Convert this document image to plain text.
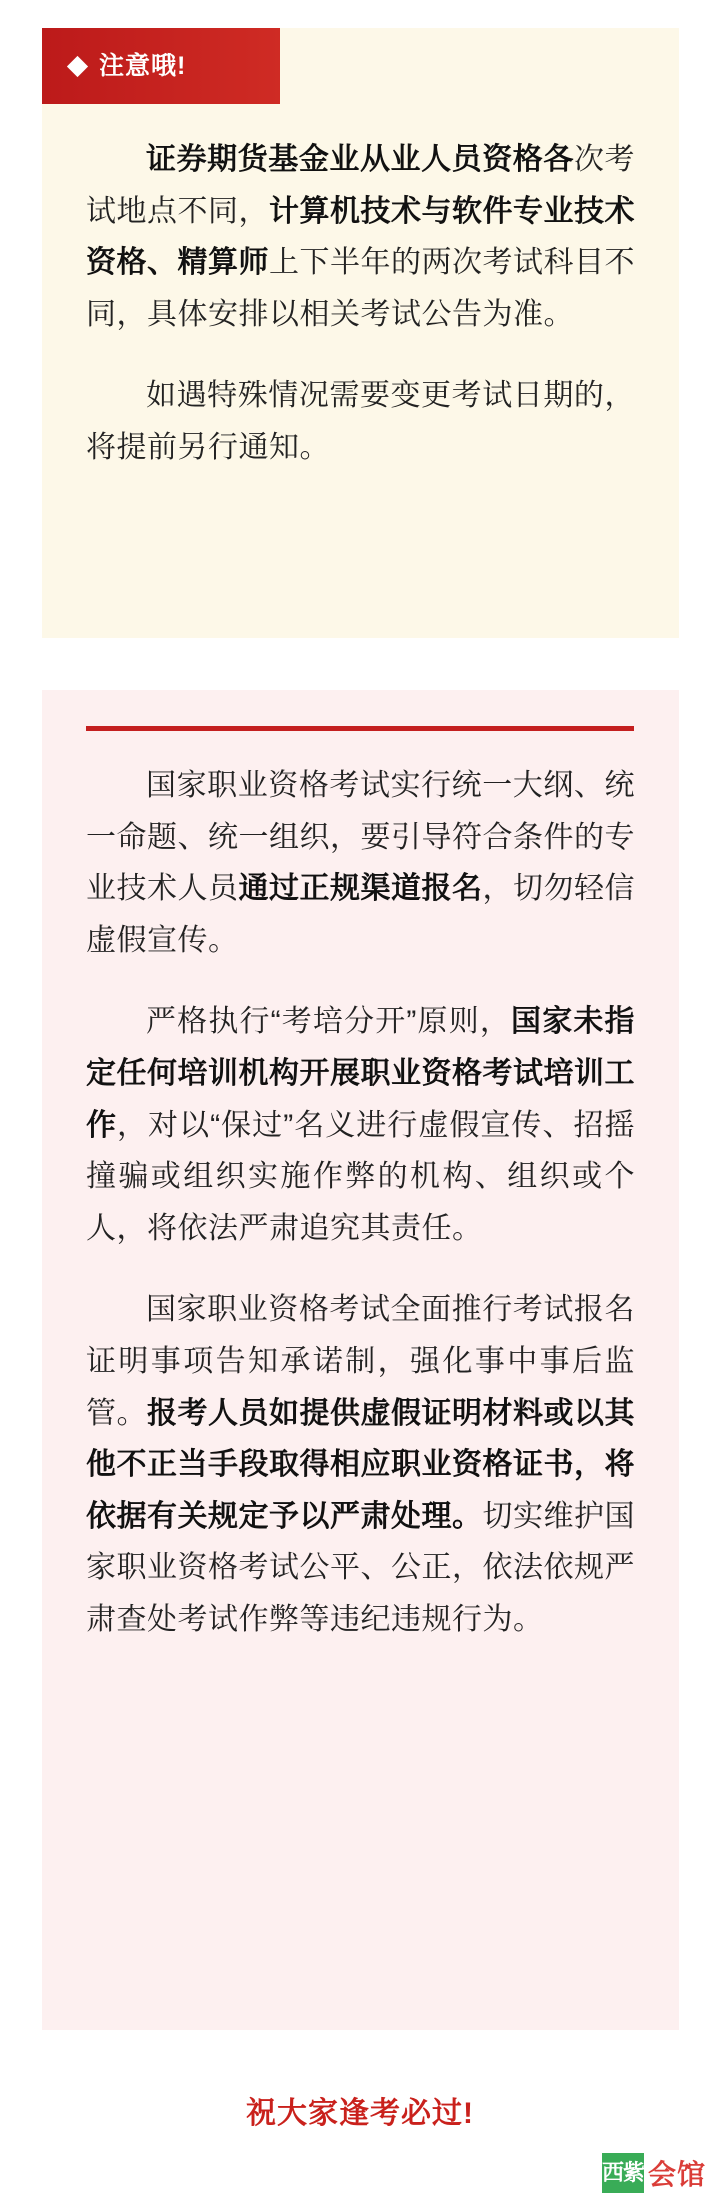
注意哦!

证券期货基金业从业人员资格各次考试地点不同，计算机技术与软件专业技术资格、精算师上下半年的两次考试科目不同，具体安排以相关考试公告为准。

如遇特殊情况需要变更考试日期的，将提前另行通知。

国家职业资格考试实行统一大纲、统一命题、统一组织，要引导符合条件的专业技术人员通过正规渠道报名，切勿轻信虚假宣传。

严格执行“考培分开”原则，国家未指定任何培训机构开展职业资格考试培训工作，对以“保过”名义进行虚假宣传、招摇撞骗或组织实施作弊的机构、组织或个人，将依法严肃追究其责任。

国家职业资格考试全面推行考试报名证明事项告知承诺制，强化事中事后监管。报考人员如提供虚假证明材料或以其他不正当手段取得相应职业资格证书，将依据有关规定予以严肃处理。切实维护国家职业资格考试公平、公正，依法依规严肃查处考试作弊等违纪违规行为。

祝大家逢考必过!
西紫 会馆
